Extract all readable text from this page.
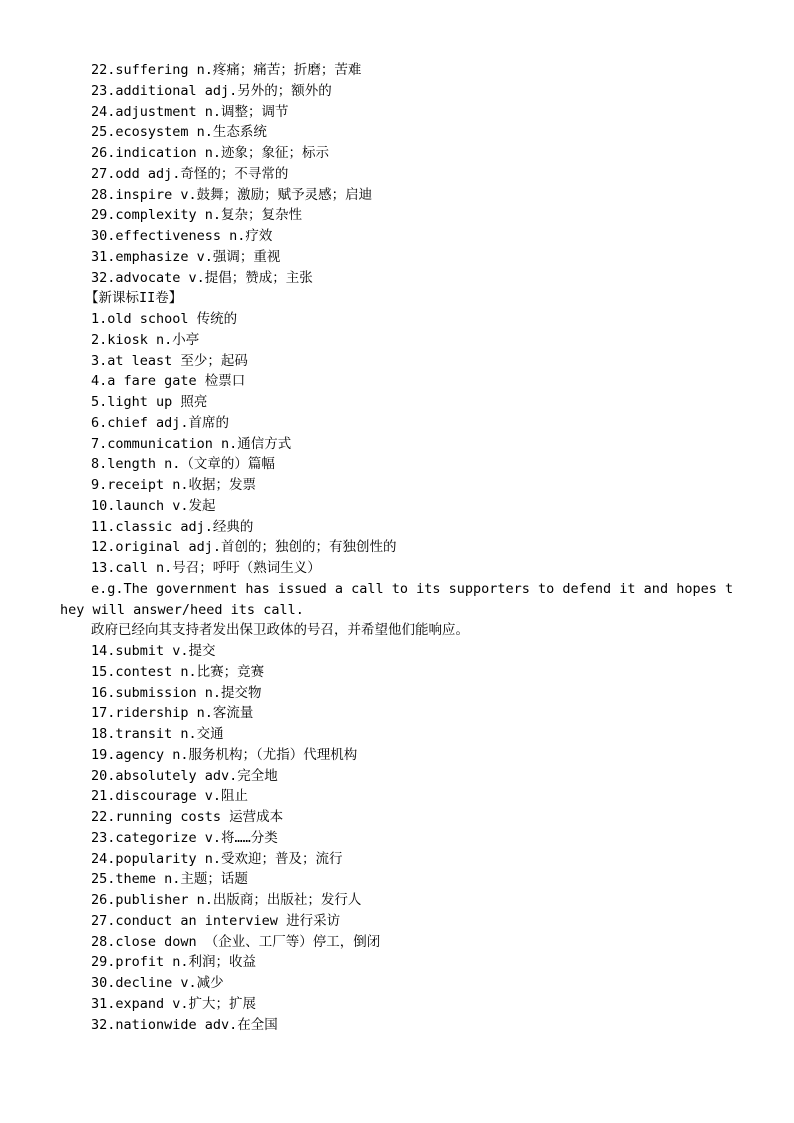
22.suffering n.疼痛；痛苦；折磨；苦难
23.additional adj.另外的；额外的
24.adjustment n.调整；调节
25.ecosystem n.生态系统
26.indication n.迹象；象征；标示
27.odd adj.奇怪的；不寻常的
28.inspire v.鼓舞；激励；赋予灵感；启迪
29.complexity n.复杂；复杂性
30.effectiveness n.疗效
31.emphasize v.强调；重视
32.advocate v.提倡；赞成；主张
【新课标II卷】
1.old school 传统的
2.kiosk n.小亭
3.at least 至少；起码
4.a fare gate 检票口
5.light up 照亮
6.chief adj.首席的
7.communication n.通信方式
8.length n.（文章的）篇幅
9.receipt n.收据；发票
10.launch v.发起
11.classic adj.经典的
12.original adj.首创的；独创的；有独创性的
13.call n.号召；呼吁（熟词生义）
e.g.The government has issued a call to its supporters to defend it and hopes they will answer/heed its call.
政府已经向其支持者发出保卫政体的号召，并希望他们能响应。
14.submit v.提交
15.contest n.比赛；竞赛
16.submission n.提交物
17.ridership n.客流量
18.transit n.交通
19.agency n.服务机构；（尤指）代理机构
20.absolutely adv.完全地
21.discourage v.阻止
22.running costs 运营成本
23.categorize v.将……分类
24.popularity n.受欢迎；普及；流行
25.theme n.主题；话题
26.publisher n.出版商；出版社；发行人
27.conduct an interview 进行采访
28.close down （企业、工厂等）停工，倒闭
29.profit n.利润；收益
30.decline v.减少
31.expand v.扩大；扩展
32.nationwide adv.在全国
